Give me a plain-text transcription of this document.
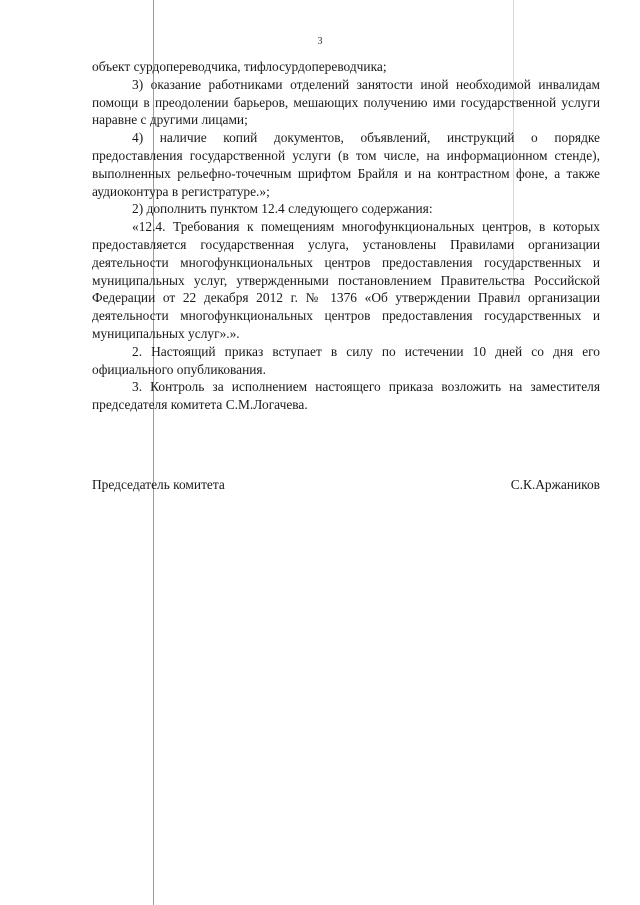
3

объект сурдопереводчика, тифлосурдопереводчика;

3) оказание работниками отделений занятости иной необходимой инвалидам помощи в преодолении барьеров, мешающих получению ими государственной услуги наравне с другими лицами;

4) наличие копий документов, объявлений, инструкций о порядке предоставления государственной услуги (в том числе, на информационном стенде), выполненных рельефно-точечным шрифтом Брайля и на контрастном фоне, а также аудиоконтура в регистратуре.»;

2) дополнить пунктом 12.4 следующего содержания:

«12.4. Требования к помещениям многофункциональных центров, в которых предоставляется государственная услуга, установлены Правилами организации деятельности многофункциональных центров предоставления государственных и муниципальных услуг, утвержденными постановлением Правительства Российской Федерации от 22 декабря 2012 г. № 1376 «Об утверждении Правил организации деятельности многофункциональных центров предоставления государственных и муниципальных услуг».».

2. Настоящий приказ вступает в силу по истечении 10 дней со дня его официального опубликования.

3. Контроль за исполнением настоящего приказа возложить на заместителя председателя комитета С.М.Логачева.

Председатель комитета	С.К.Аржаников
